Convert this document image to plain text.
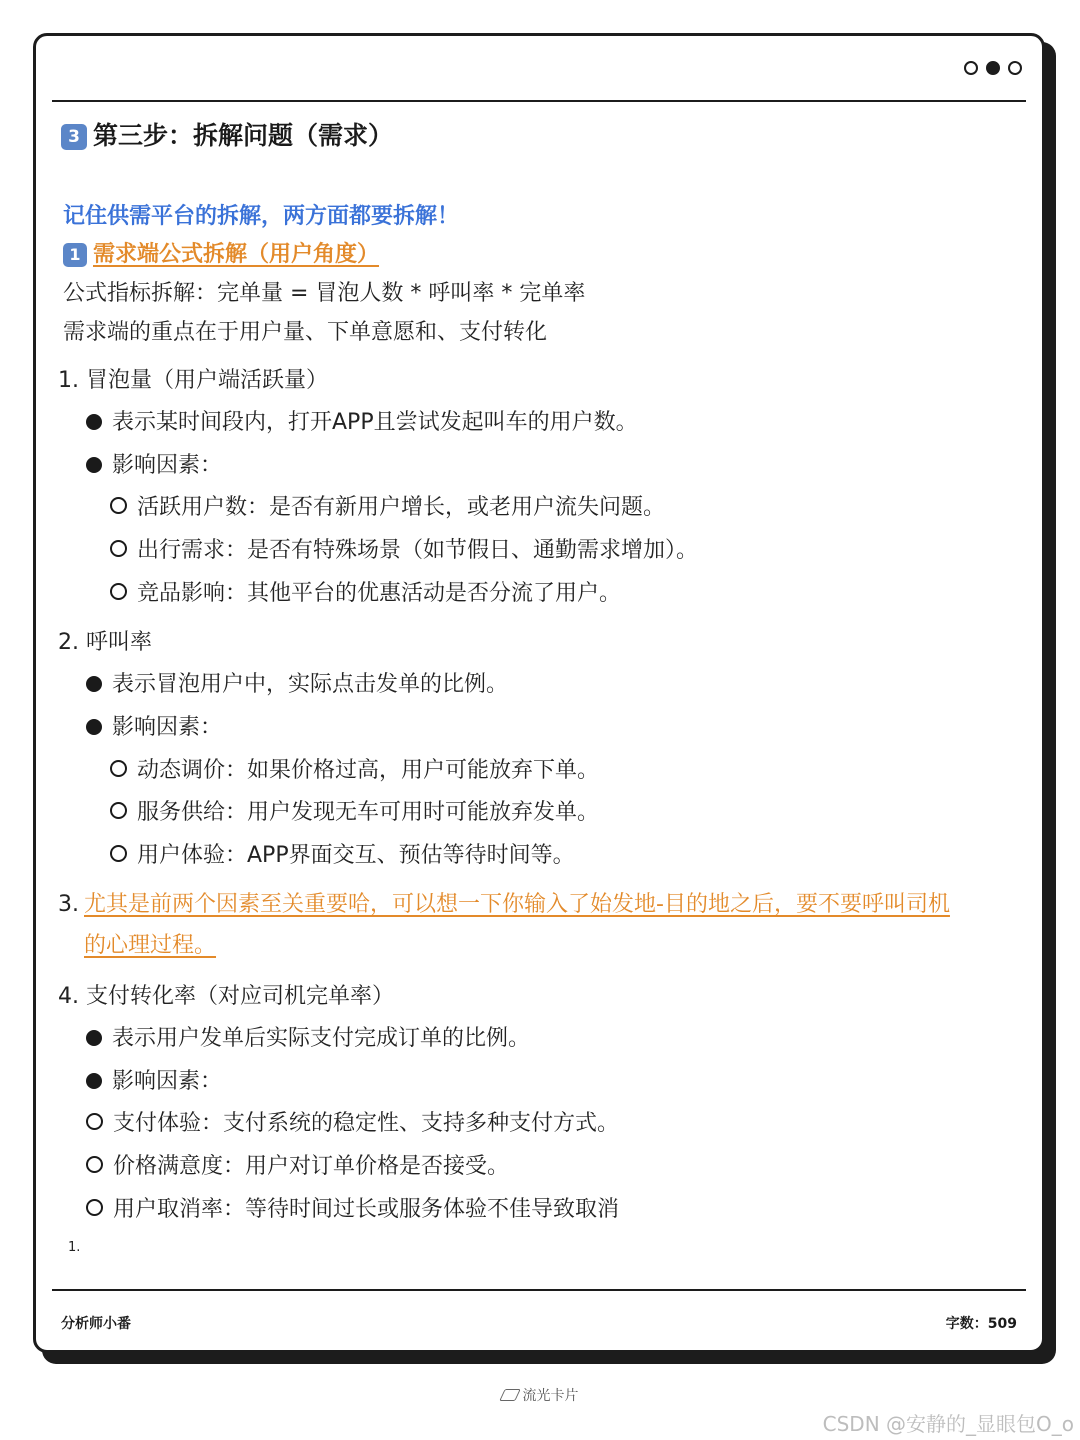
3 第三步：拆解问题（需求）
记住供需平台的拆解，两方面都要拆解！
1 需求端公式拆解（用户角度）
公式指标拆解：完单量 = 冒泡人数 * 呼叫率 * 完单率
需求端的重点在于用户量、下单意愿和、支付转化
1. 冒泡量（用户端活跃量）
表示某时间段内，打开APP且尝试发起叫车的用户数。
影响因素：
活跃用户数：是否有新用户增长，或老用户流失问题。
出行需求：是否有特殊场景（如节假日、通勤需求增加）。
竞品影响：其他平台的优惠活动是否分流了用户。
2. 呼叫率
表示冒泡用户中，实际点击发单的比例。
影响因素：
动态调价：如果价格过高，用户可能放弃下单。
服务供给：用户发现无车可用时可能放弃发单。
用户体验：APP界面交互、预估等待时间等。
3. 尤其是前两个因素至关重要哈，可以想一下你输入了始发地-目的地之后，要不要呼叫司机
的心理过程。
4. 支付转化率（对应司机完单率）
表示用户发单后实际支付完成订单的比例。
影响因素：
支付体验：支付系统的稳定性、支持多种支付方式。
价格满意度：用户对订单价格是否接受。
用户取消率：等待时间过长或服务体验不佳导致取消
1.
分析师小番	字数：509
流光卡片
CSDN @安静的_显眼包O_o
